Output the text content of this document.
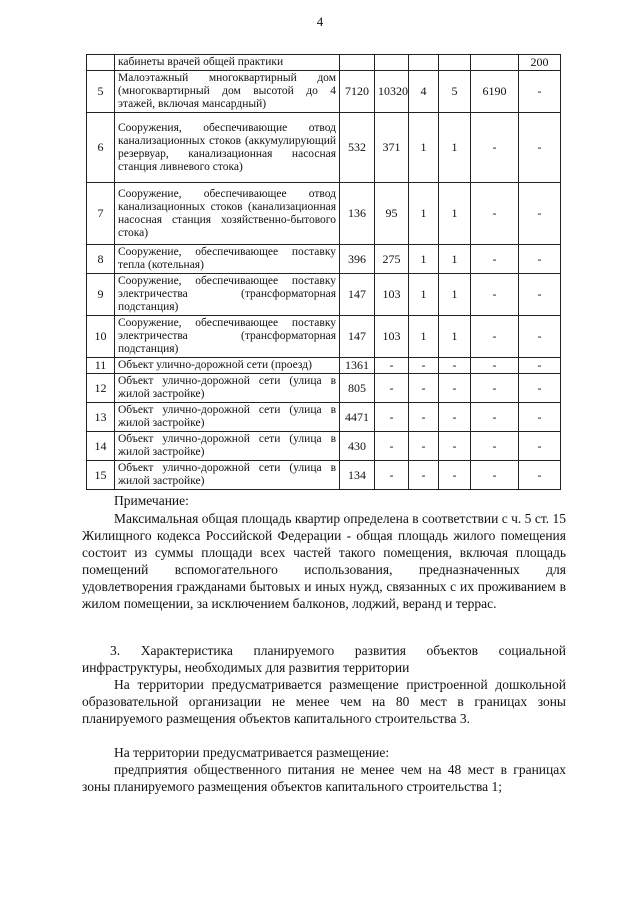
4
	кабинеты врачей общей практики						200
5	Малоэтажный многоквартирный дом (многоквартирный дом высотой до 4 этажей, включая мансардный)	7120	10320	4	5	6190	-
6	Сооружения, обеспечивающие отвод канализационных стоков (аккумулирующий резервуар, канализационная насосная станция ливневого стока)	532	371	1	1	-	-
7	Сооружение, обеспечивающее отвод канализационных стоков (канализационная насосная станция хозяйственно-бытового стока)	136	95	1	1	-	-
8	Сооружение, обеспечивающее поставку тепла (котельная)	396	275	1	1	-	-
9	Сооружение, обеспечивающее поставку электричества (трансформаторная подстанция)	147	103	1	1	-	-
10	Сооружение, обеспечивающее поставку электричества (трансформаторная подстанция)	147	103	1	1	-	-
11	Объект улично-дорожной сети (проезд)	1361	-	-	-	-	-
12	Объект улично-дорожной сети (улица в жилой застройке)	805	-	-	-	-	-
13	Объект улично-дорожной сети (улица в жилой застройке)	4471	-	-	-	-	-
14	Объект улично-дорожной сети (улица в жилой застройке)	430	-	-	-	-	-
15	Объект улично-дорожной сети (улица в жилой застройке)	134	-	-	-	-	-
Примечание:
Максимальная общая площадь квартир определена в соответствии с ч. 5 ст. 15 Жилищного кодекса Российской Федерации - общая площадь жилого помещения состоит из суммы площади всех частей такого помещения, включая площадь помещений вспомогательного использования, предназначенных для удовлетворения гражданами бытовых и иных нужд, связанных с их проживанием в жилом помещении, за исключением балконов, лоджий, веранд и террас.
3. Характеристика планируемого развития объектов социальной инфраструктуры, необходимых для развития территории
На территории предусматривается размещение пристроенной дошкольной образовательной организации не менее чем на 80 мест в границах зоны планируемого размещения объектов капитального строительства 3.
На территории предусматривается размещение:
предприятия общественного питания не менее чем на 48 мест в границах зоны планируемого размещения объектов капитального строительства 1;
